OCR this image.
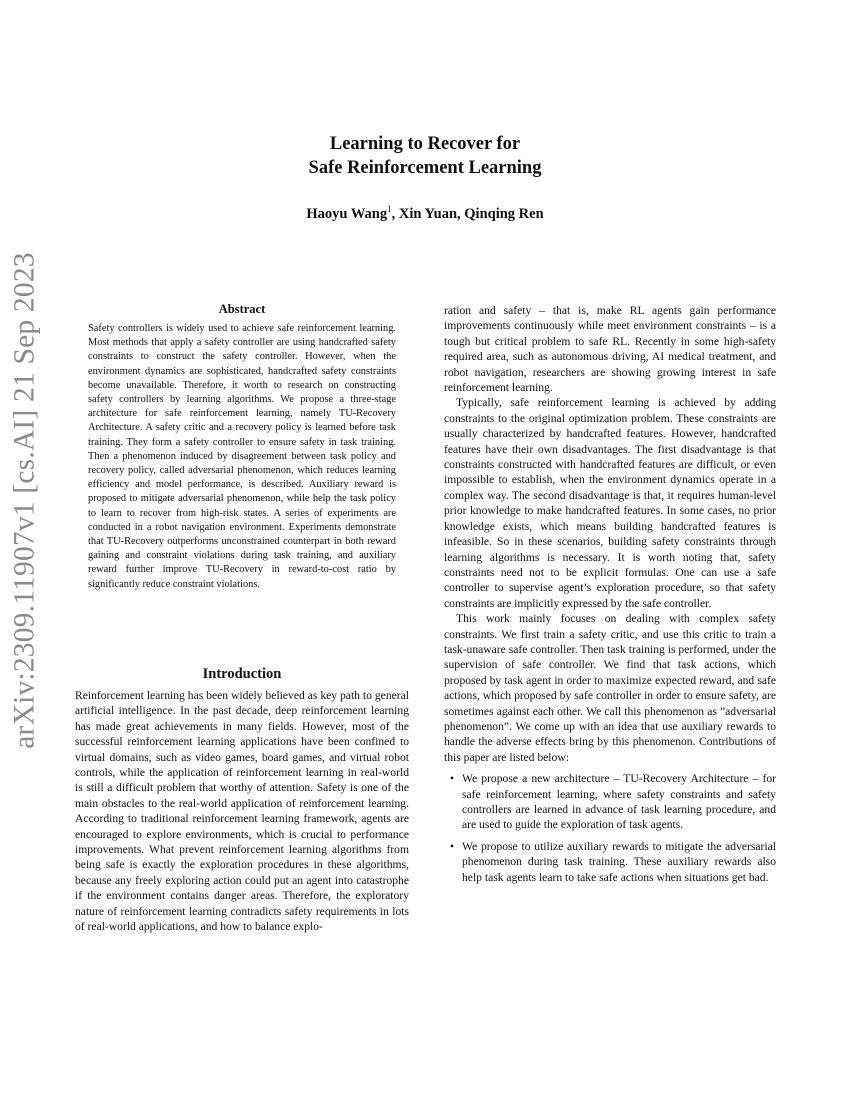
arXiv:2309.11907v1 [cs.AI] 21 Sep 2023
Learning to Recover for
Safe Reinforcement Learning
Haoyu Wang$^1$, Xin Yuan, Qinqing Ren
Abstract
Safety controllers is widely used to achieve safe reinforcement learning. Most methods that apply a safety controller are using handcrafted safety constraints to construct the safety controller. However, when the environment dynamics are sophisticated, handcrafted safety constraints become unavailable. Therefore, it worth to research on constructing safety controllers by learning algorithms. We propose a three-stage architecture for safe reinforcement learning, namely TU-Recovery Architecture. A safety critic and a recovery policy is learned before task training. They form a safety controller to ensure safety in task training. Then a phenomenon induced by disagreement between task policy and recovery policy, called adversarial phenomenon, which reduces learning efficiency and model performance, is described. Auxiliary reward is proposed to mitigate adversarial phenomenon, while help the task policy to learn to recover from high-risk states. A series of experiments are conducted in a robot navigation environment. Experiments demonstrate that TU-Recovery outperforms unconstrained counterpart in both reward gaining and constraint violations during task training, and auxiliary reward further improve TU-Recovery in reward-to-cost ratio by significantly reduce constraint violations.
Introduction
Reinforcement learning has been widely believed as key path to general artificial intelligence. In the past decade, deep reinforcement learning has made great achievements in many fields. However, most of the successful reinforcement learning applications have been confined to virtual domains, such as video games, board games, and virtual robot controls, while the application of reinforcement learning in real-world is still a difficult problem that worthy of attention. Safety is one of the main obstacles to the real-world application of reinforcement learning. According to traditional reinforcement learning framework, agents are encouraged to explore environments, which is crucial to performance improvements. What prevent reinforcement learning algorithms from being safe is exactly the exploration procedures in these algorithms, because any freely exploring action could put an agent into catastrophe if the environment contains danger areas. Therefore, the exploratory nature of reinforcement learning contradicts safety requirements in lots of real-world applications, and how to balance explo-

ration and safety – that is, make RL agents gain performance improvements continuously while meet environment constraints – is a tough but critical problem to safe RL. Recently in some high-safety required area, such as autonomous driving, AI medical treatment, and robot navigation, researchers are showing growing interest in safe reinforcement learning.

Typically, safe reinforcement learning is achieved by adding constraints to the original optimization problem. These constraints are usually characterized by handcrafted features. However, handcrafted features have their own disadvantages. The first disadvantage is that constraints constructed with handcrafted features are difficult, or even impossible to establish, when the environment dynamics operate in a complex way. The second disadvantage is that, it requires human-level prior knowledge to make handcrafted features. In some cases, no prior knowledge exists, which means building handcrafted features is infeasible. So in these scenarios, building safety constraints through learning algorithms is necessary. It is worth noting that, safety constraints need not to be explicit formulas. One can use a safe controller to supervise agent’s exploration procedure, so that safety constraints are implicitly expressed by the safe controller.

This work mainly focuses on dealing with complex safety constraints. We first train a safety critic, and use this critic to train a task-unaware safe controller. Then task training is performed, under the supervision of safe controller. We find that task actions, which proposed by task agent in order to maximize expected reward, and safe actions, which proposed by safe controller in order to ensure safety, are sometimes against each other. We call this phenomenon as ”adversarial phenomenon”. We come up with an idea that use auxiliary rewards to handle the adverse effects bring by this phenomenon. Contributions of this paper are listed below:

• We propose a new architecture – TU-Recovery Architecture – for safe reinforcement learning, where safety constraints and safety controllers are learned in advance of task learning procedure, and are used to guide the exploration of task agents.
• We propose to utilize auxiliary rewards to mitigate the adversarial phenomenon during task training. These auxiliary rewards also help task agents learn to take safe actions when situations get bad.
